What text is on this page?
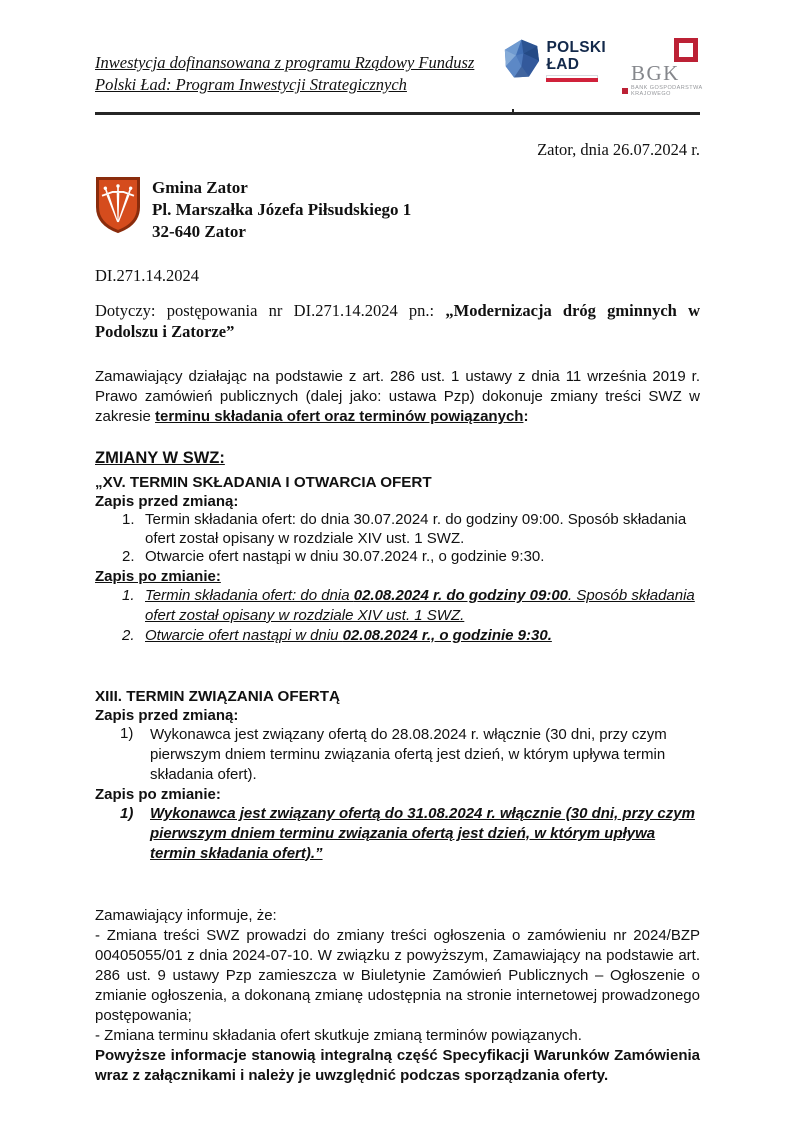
Inwestycja dofinansowana z programu Rządowy Fundusz Polski Ład: Program Inwestycji Strategicznych
POLSKI
ŁAD	BGK
BANK GOSPODARSTWA
KRAJOWEGO
Zator, dnia 26.07.2024 r.
Gmina Zator
Pl. Marszałka Józefa Piłsudskiego 1
32-640 Zator
DI.271.14.2024
Dotyczy: postępowania nr DI.271.14.2024 pn.: „Modernizacja dróg gminnych w Podolszu i Zatorze”
Zamawiający działając na podstawie z art. 286 ust. 1 ustawy z dnia 11 września 2019 r. Prawo zamówień publicznych (dalej jako: ustawa Pzp) dokonuje zmiany treści SWZ w zakresie terminu składania ofert oraz terminów powiązanych:
ZMIANY W SWZ:
„XV. TERMIN SKŁADANIA I OTWARCIA OFERT
Zapis przed zmianą:
1. Termin składania ofert: do dnia 30.07.2024 r. do godziny 09:00. Sposób składania ofert został opisany w rozdziale XIV ust. 1 SWZ.
2. Otwarcie ofert nastąpi w dniu 30.07.2024 r., o godzinie 9:30.
Zapis po zmianie:
1. Termin składania ofert: do dnia 02.08.2024 r. do godziny 09:00. Sposób składania ofert został opisany w rozdziale XIV ust. 1 SWZ.
2. Otwarcie ofert nastąpi w dniu 02.08.2024 r., o godzinie 9:30.
XIII. TERMIN ZWIĄZANIA OFERTĄ
Zapis przed zmianą:
1)	Wykonawca jest związany ofertą do 28.08.2024 r. włącznie (30 dni, przy czym pierwszym dniem terminu związania ofertą jest dzień, w którym upływa termin składania ofert).
Zapis po zmianie:
1)	Wykonawca jest związany ofertą do 31.08.2024 r. włącznie (30 dni, przy czym pierwszym dniem terminu związania ofertą jest dzień, w którym upływa termin składania ofert).”
Zamawiający informuje, że:
- Zmiana treści SWZ prowadzi do zmiany treści ogłoszenia o zamówieniu nr 2024/BZP 00405055/01 z dnia 2024-07-10. W związku z powyższym, Zamawiający na podstawie art. 286 ust. 9 ustawy Pzp zamieszcza w Biuletynie Zamówień Publicznych – Ogłoszenie o zmianie ogłoszenia, a dokonaną zmianę udostępnia na stronie internetowej prowadzonego postępowania;
- Zmiana terminu składania ofert skutkuje zmianą terminów powiązanych.
Powyższe informacje stanowią integralną część Specyfikacji Warunków Zamówienia wraz z załącznikami i należy je uwzględnić podczas sporządzania oferty.
